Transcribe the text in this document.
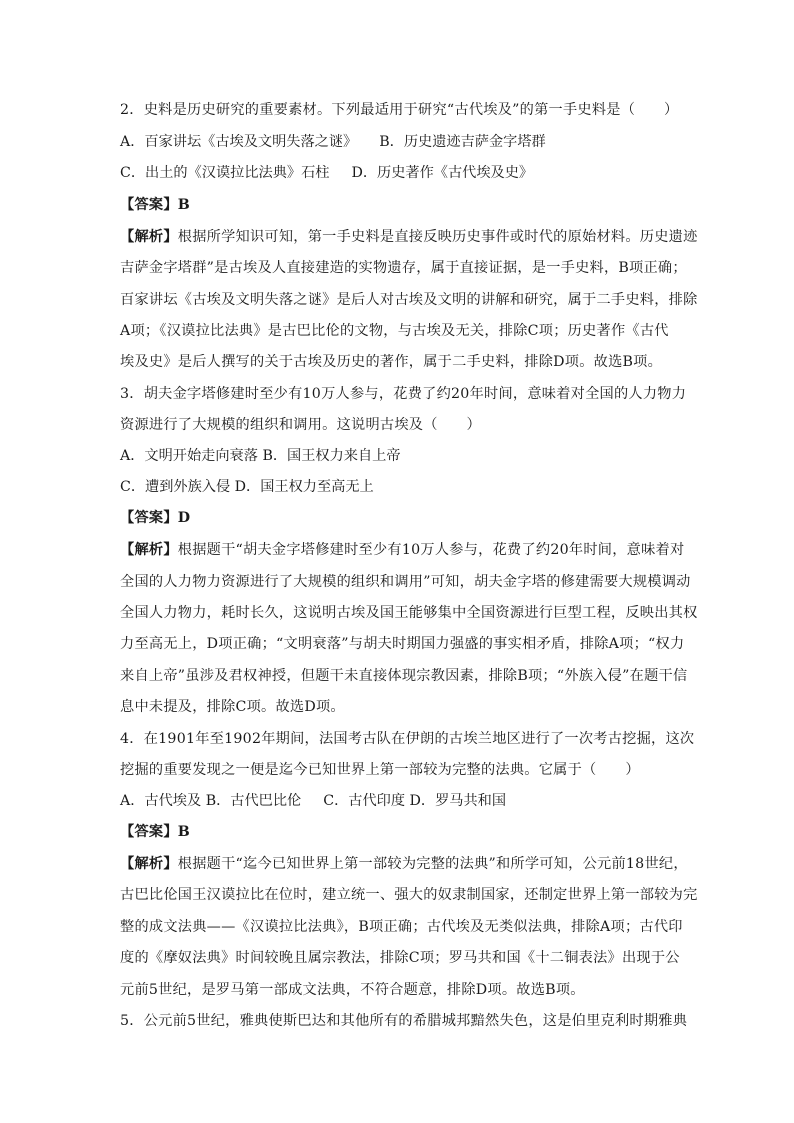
2．史料是历史研究的重要素材。下列最适用于研究“古代埃及”的第一手史料是（　　）
A．百家讲坛《古埃及文明失落之谜》 B．历史遗迹吉萨金字塔群
C．出土的《汉谟拉比法典》石柱 D．历史著作《古代埃及史》
【答案】B
【解析】根据所学知识可知，第一手史料是直接反映历史事件或时代的原始材料。历史遗迹
吉萨金字塔群”是古埃及人直接建造的实物遗存，属于直接证据，是一手史料，B项正确；
百家讲坛《古埃及文明失落之谜》是后人对古埃及文明的讲解和研究，属于二手史料，排除
A项；《汉谟拉比法典》是古巴比伦的文物，与古埃及无关，排除C项；历史著作《古代
埃及史》是后人撰写的关于古埃及历史的著作，属于二手史料，排除D项。故选B项。
3．胡夫金字塔修建时至少有10万人参与，花费了约20年时间，意味着对全国的人力物力
资源进行了大规模的组织和调用。这说明古埃及（　　）
A．文明开始走向衰落 B．国王权力来自上帝
C．遭到外族入侵 D．国王权力至高无上
【答案】D
【解析】根据题干“胡夫金字塔修建时至少有10万人参与，花费了约20年时间，意味着对
全国的人力物力资源进行了大规模的组织和调用”可知，胡夫金字塔的修建需要大规模调动
全国人力物力，耗时长久，这说明古埃及国王能够集中全国资源进行巨型工程，反映出其权
力至高无上，D项正确；“文明衰落”与胡夫时期国力强盛的事实相矛盾，排除A项；“权力
来自上帝”虽涉及君权神授，但题干未直接体现宗教因素，排除B项；“外族入侵”在题干信
息中未提及，排除C项。故选D项。
4．在1901年至1902年期间，法国考古队在伊朗的古埃兰地区进行了一次考古挖掘，这次
挖掘的重要发现之一便是迄今已知世界上第一部较为完整的法典。它属于（　　）
A．古代埃及 B．古代巴比伦 C．古代印度 D．罗马共和国
【答案】B
【解析】根据题干“迄今已知世界上第一部较为完整的法典”和所学可知，公元前18世纪，
古巴比伦国王汉谟拉比在位时，建立统一、强大的奴隶制国家，还制定世界上第一部较为完
整的成文法典——《汉谟拉比法典》，B项正确；古代埃及无类似法典，排除A项；古代印
度的《摩奴法典》时间较晚且属宗教法，排除C项；罗马共和国《十二铜表法》出现于公
元前5世纪，是罗马第一部成文法典，不符合题意，排除D项。故选B项。
5．公元前5世纪，雅典使斯巴达和其他所有的希腊城邦黯然失色，这是伯里克利时期雅典
